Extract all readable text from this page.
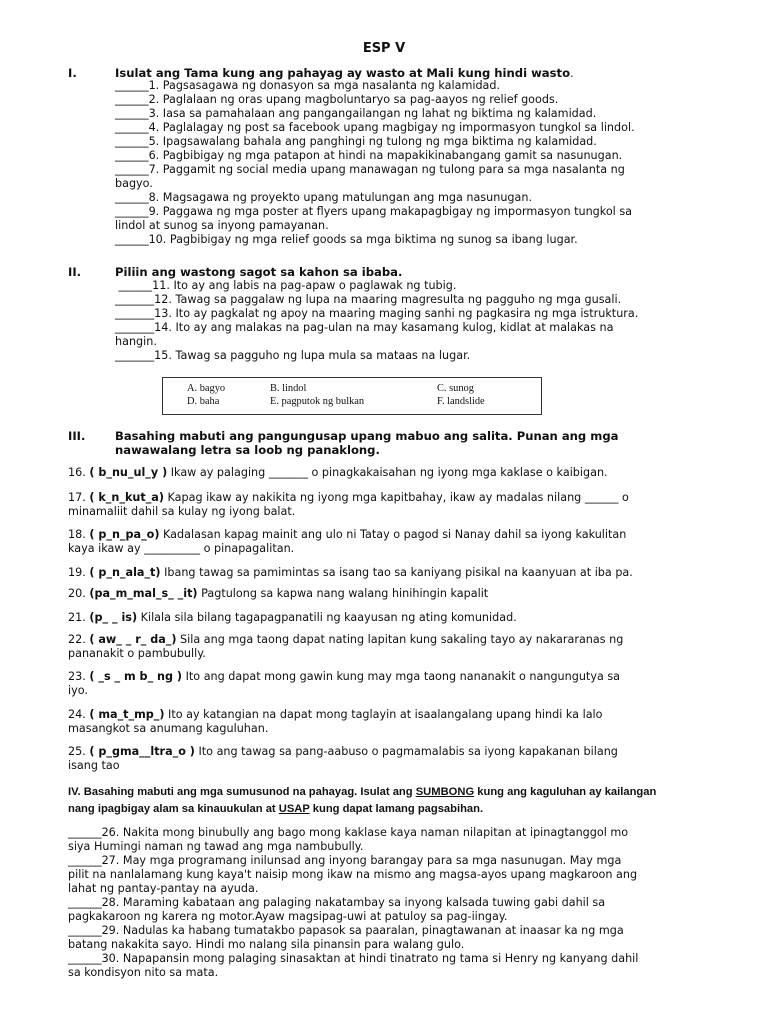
ESP V
I.	Isulat ang Tama kung ang pahayag ay wasto at Mali kung hindi wasto.
______1. Pagsasagawa ng donasyon sa mga nasalanta ng kalamidad.
______2. Paglalaan ng oras upang magboluntaryo sa pag-aayos ng relief goods.
______3. Iasa sa pamahalaan ang pangangailangan ng lahat ng biktima ng kalamidad.
______4. Paglalagay ng post sa facebook upang magbigay ng impormasyon tungkol sa lindol.
______5. Ipagsawalang bahala ang panghingi ng tulong ng mga biktima ng kalamidad.
______6. Pagbibigay ng mga patapon at hindi na mapakikinabangang gamit sa nasunugan.
______7. Paggamit ng social media upang manawagan ng tulong para sa mga nasalanta ng
bagyo.
______8. Magsagawa ng proyekto upang matulungan ang mga nasunugan.
______9. Paggawa ng mga poster at flyers upang makapagbigay ng impormasyon tungkol sa
lindol at sunog sa inyong pamayanan.
______10. Pagbibigay ng mga relief goods sa mga biktima ng sunog sa ibang lugar.
II.	Piliin ang wastong sagot sa kahon sa ibaba.
______11. Ito ay ang labis na pag-apaw o paglawak ng tubig.
_______12. Tawag sa paggalaw ng lupa na maaring magresulta ng pagguho ng mga gusali.
_______13. Ito ay pagkalat ng apoy na maaring maging sanhi ng pagkasira ng mga istruktura.
_______14. Ito ay ang malakas na pag-ulan na may kasamang kulog, kidlat at malakas na
hangin.
_______15. Tawag sa pagguho ng lupa mula sa mataas na lugar.
A. bagyo	B. lindol	C. sunog
D. baha	E. pagputok ng bulkan	F. landslide
III.	Basahing mabuti ang pangungusap upang mabuo ang salita. Punan ang mga
nawawalang letra sa loob ng panaklong.
16. ( b_nu_ul_y ) Ikaw ay palaging _______ o pinagkakaisahan ng iyong mga kaklase o kaibigan.
17. ( k_n_kut_a) Kapag ikaw ay nakikita ng iyong mga kapitbahay, ikaw ay madalas nilang ______ o
minamaliit dahil sa kulay ng iyong balat.
18. ( p_n_pa_o) Kadalasan kapag mainit ang ulo ni Tatay o pagod si Nanay dahil sa iyong kakulitan
kaya ikaw ay __________ o pinapagalitan.
19. ( p_n_ala_t) Ibang tawag sa pamimintas sa isang tao sa kaniyang pisikal na kaanyuan at iba pa.
20. (pa_m_mal_s_ _it) Pagtulong sa kapwa nang walang hinihingin kapalit
21. (p_ _ is) Kilala sila bilang tagapagpanatili ng kaayusan ng ating komunidad.
22. ( aw_ _ r_ da_) Sila ang mga taong dapat nating lapitan kung sakaling tayo ay nakararanas ng
pananakit o pambubully.
23. ( _s _ m b_ ng ) Ito ang dapat mong gawin kung may mga taong nananakit o nangungutya sa
iyo.
24. ( ma_t_mp_) Ito ay katangian na dapat mong taglayin at isaalangalang upang hindi ka lalo
masangkot sa anumang kaguluhan.
25. ( p_gma__ltra_o ) Ito ang tawag sa pang-aabuso o pagmamalabis sa iyong kapakanan bilang
isang tao
IV. Basahing mabuti ang mga sumusunod na pahayag. Isulat ang SUMBONG kung ang kaguluhan ay kailangan
nang ipagbigay alam sa kinauukulan at USAP kung dapat lamang pagsabihan.
______26. Nakita mong binubully ang bago mong kaklase kaya naman nilapitan at ipinagtanggol mo
siya Humingi naman ng tawad ang mga nambubully.
______27. May mga programang inilunsad ang inyong barangay para sa mga nasunugan. May mga
pilit na nanlalamang kung kaya't naisip mong ikaw na mismo ang magsa-ayos upang magkaroon ang
lahat ng pantay-pantay na ayuda.
______28. Maraming kabataan ang palaging nakatambay sa inyong kalsada tuwing gabi dahil sa
pagkakaroon ng karera ng motor.Ayaw magsipag-uwi at patuloy sa pag-iingay.
______29. Nadulas ka habang tumatakbo papasok sa paaralan, pinagtawanan at inaasar ka ng mga
batang nakakita sayo. Hindi mo nalang sila pinansin para walang gulo.
______30. Napapansin mong palaging sinasaktan at hindi tinatrato ng tama si Henry ng kanyang dahil
sa kondisyon nito sa mata.
